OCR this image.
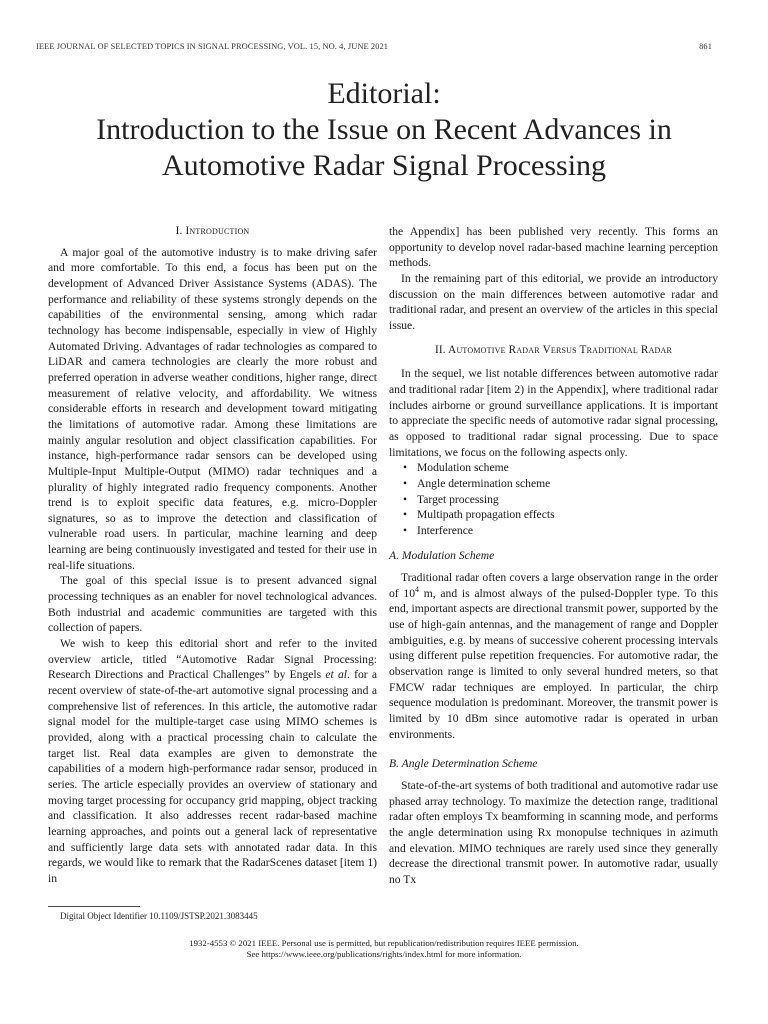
IEEE JOURNAL OF SELECTED TOPICS IN SIGNAL PROCESSING, VOL. 15, NO. 4, JUNE 2021	861
Editorial:
Introduction to the Issue on Recent Advances in
Automotive Radar Signal Processing
I. Introduction

A major goal of the automotive industry is to make driving safer and more comfortable. To this end, a focus has been put on the development of Advanced Driver Assistance Systems (ADAS). The performance and reliability of these systems strongly depends on the capabilities of the environmental sensing, among which radar technology has become indispensable, especially in view of Highly Automated Driving. Advantages of radar technologies as compared to LiDAR and camera technologies are clearly the more robust and preferred operation in adverse weather conditions, higher range, direct measurement of relative velocity, and affordability. We witness considerable efforts in research and development toward mitigating the limitations of automotive radar. Among these limitations are mainly angular resolution and object classification capabilities. For instance, high-performance radar sensors can be developed using Multiple-Input Multiple-Output (MIMO) radar techniques and a plurality of highly integrated radio frequency components. Another trend is to exploit specific data features, e.g. micro-Doppler signatures, so as to improve the detection and classification of vulnerable road users. In particular, machine learning and deep learning are being continuously investigated and tested for their use in real-life situations.

The goal of this special issue is to present advanced signal processing techniques as an enabler for novel technological advances. Both industrial and academic communities are targeted with this collection of papers.

We wish to keep this editorial short and refer to the invited overview article, titled “Automotive Radar Signal Processing: Research Directions and Practical Challenges” by Engels et al. for a recent overview of state-of-the-art automotive signal processing and a comprehensive list of references. In this article, the automotive radar signal model for the multiple-target case using MIMO schemes is provided, along with a practical processing chain to calculate the target list. Real data examples are given to demonstrate the capabilities of a modern high-performance radar sensor, produced in series. The article especially provides an overview of stationary and moving target processing for occupancy grid mapping, object tracking and classification. It also addresses recent radar-based machine learning approaches, and points out a general lack of representative and sufficiently large data sets with annotated radar data. In this regards, we would like to remark that the RadarScenes dataset [item 1) in

the Appendix] has been published very recently. This forms an opportunity to develop novel radar-based machine learning perception methods.

In the remaining part of this editorial, we provide an introductory discussion on the main differences between automotive radar and traditional radar, and present an overview of the articles in this special issue.

II. Automotive Radar Versus Traditional Radar

In the sequel, we list notable differences between automotive radar and traditional radar [item 2) in the Appendix], where traditional radar includes airborne or ground surveillance applications. It is important to appreciate the specific needs of automotive radar signal processing, as opposed to traditional radar signal processing. Due to space limitations, we focus on the following aspects only.

• Modulation scheme
• Angle determination scheme
• Target processing
• Multipath propagation effects
• Interference
A. Modulation Scheme

Traditional radar often covers a large observation range in the order of $10^4$ m, and is almost always of the pulsed-Doppler type. To this end, important aspects are directional transmit power, supported by the use of high-gain antennas, and the management of range and Doppler ambiguities, e.g. by means of successive coherent processing intervals using different pulse repetition frequencies. For automotive radar, the observation range is limited to only several hundred meters, so that FMCW radar techniques are employed. In particular, the chirp sequence modulation is predominant. Moreover, the transmit power is limited by 10 dBm since automotive radar is operated in urban environments.

B. Angle Determination Scheme

State-of-the-art systems of both traditional and automotive radar use phased array technology. To maximize the detection range, traditional radar often employs Tx beamforming in scanning mode, and performs the angle determination using Rx monopulse techniques in azimuth and elevation. MIMO techniques are rarely used since they generally decrease the directional transmit power. In automotive radar, usually no Tx

Digital Object Identifier 10.1109/JSTSP.2021.3083445
1932-4553 © 2021 IEEE. Personal use is permitted, but republication/redistribution requires IEEE permission.
See https://www.ieee.org/publications/rights/index.html for more information.
